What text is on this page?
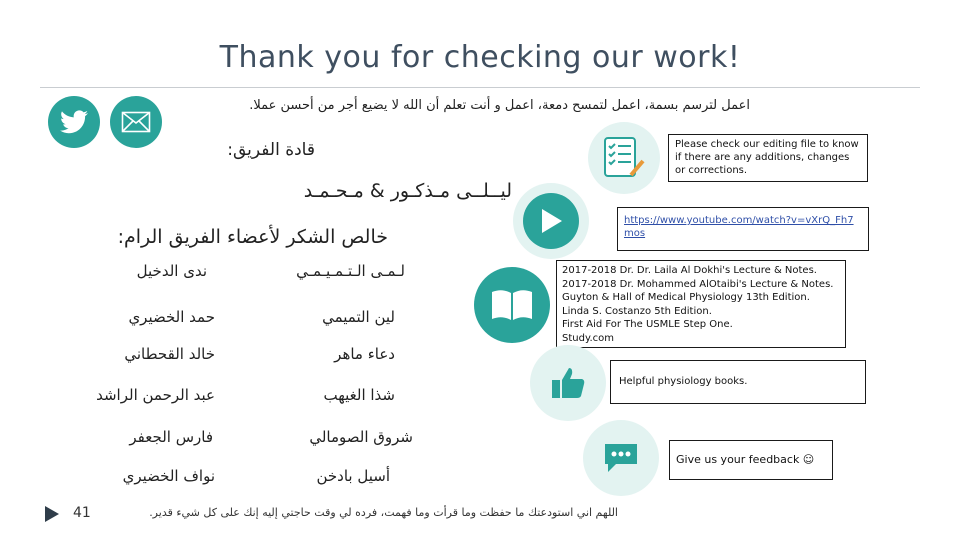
Thank you for checking our work!
اعمل لترسم بسمة، اعمل لتمسح دمعة، اعمل و أنت تعلم أن الله لا يضيع أجر من أحسن عملا.
قادة الفريق:
ليــلــى مـذكـور & مـحـمـد
خالص الشكر لأعضاء الفريق الرام:
لـمـى الـتـمـيـمـي
لين التميمي
دعاء ماهر
شذا الغيهب
شروق الصومالي
أسيل بادخن
ندى الدخيل
حمد الخضيري
خالد القحطاني
عبد الرحمن الراشد
فارس الجعفر
نواف الخضيري
اللهم اني استودعتك ما حفظت وما قرأت وما فهمت، فرده لي وقت حاجتي إليه إنك على كل شيء قدير.
41
Please check our editing file to know if there are any additions, changes or corrections.
https://www.youtube.com/watch?v=vXrQ_Fh7mos
2017-2018 Dr. Dr. Laila Al Dokhi's Lecture & Notes.
2017-2018 Dr. Mohammed AlOtaibi's Lecture & Notes.
Guyton & Hall of Medical Physiology 13th Edition.
Linda S. Costanzo 5th Edition.
First Aid For The USMLE Step One.
Study.com
Helpful physiology books.
Give us your feedback ☺
